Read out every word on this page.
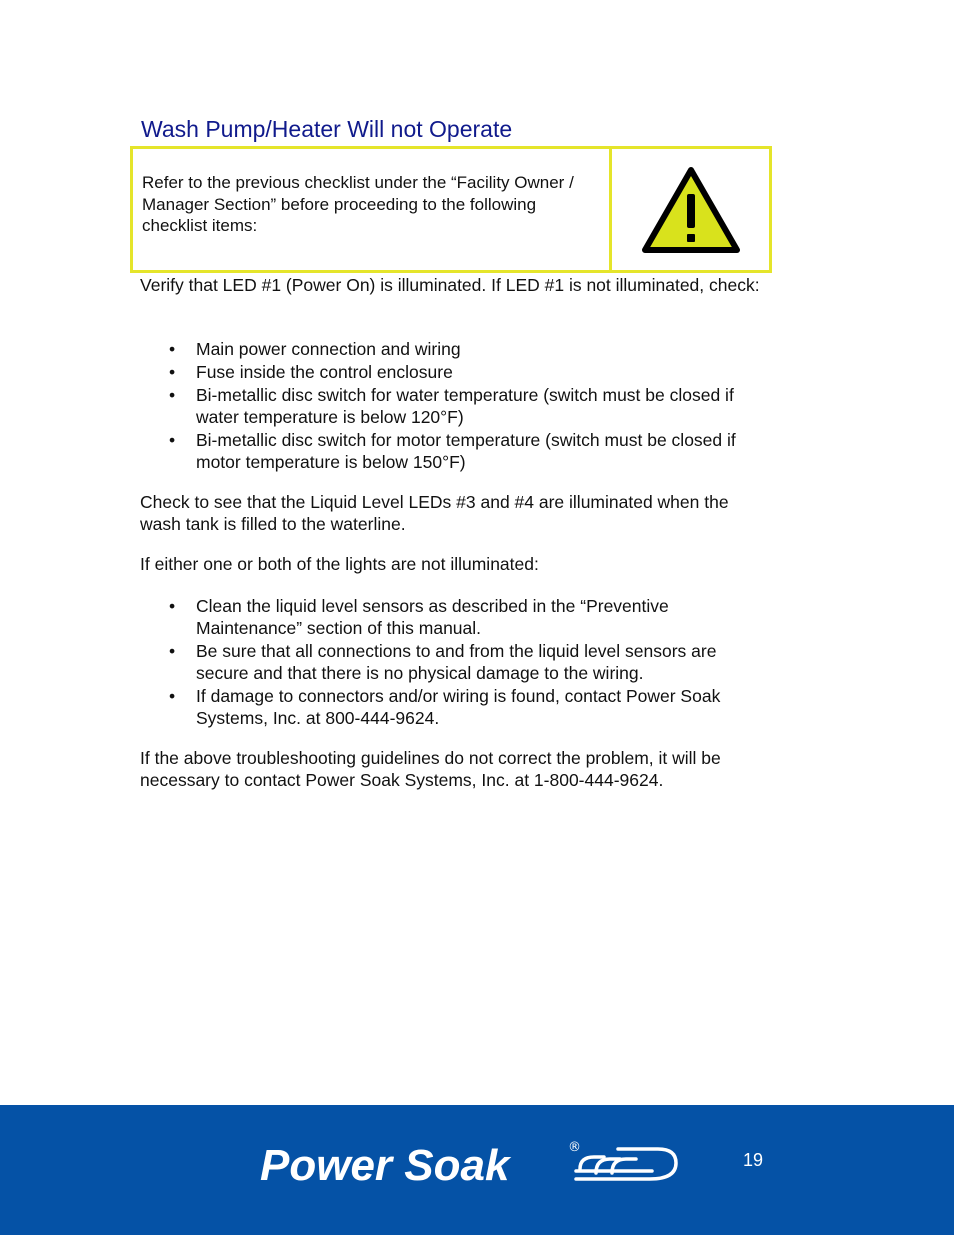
Wash Pump/Heater Will not Operate
Refer to the previous checklist under the “Facility Owner / Manager Section” before proceeding to the following checklist items:

Verify that LED #1 (Power On) is illuminated. If LED #1 is not illuminated, check:

• Main power connection and wiring
• Fuse inside the control enclosure
• Bi-metallic disc switch for water temperature (switch must be closed if water temperature is below 120°F)
• Bi-metallic disc switch for motor temperature (switch must be closed if motor temperature is below 150°F)

Check to see that the Liquid Level LEDs #3 and #4 are illuminated when the wash tank is filled to the waterline.

If either one or both of the lights are not illuminated:

• Clean the liquid level sensors as described in the “Preventive Maintenance” section of this manual.
• Be sure that all connections to and from the liquid level sensors are secure and that there is no physical damage to the wiring.
• If damage to connectors and/or wiring is found, contact Power Soak Systems, Inc. at 800-444-9624.

If the above troubleshooting guidelines do not correct the problem, it will be necessary to contact Power Soak Systems, Inc. at 1-800-444-9624.

Power Soak	®
19
